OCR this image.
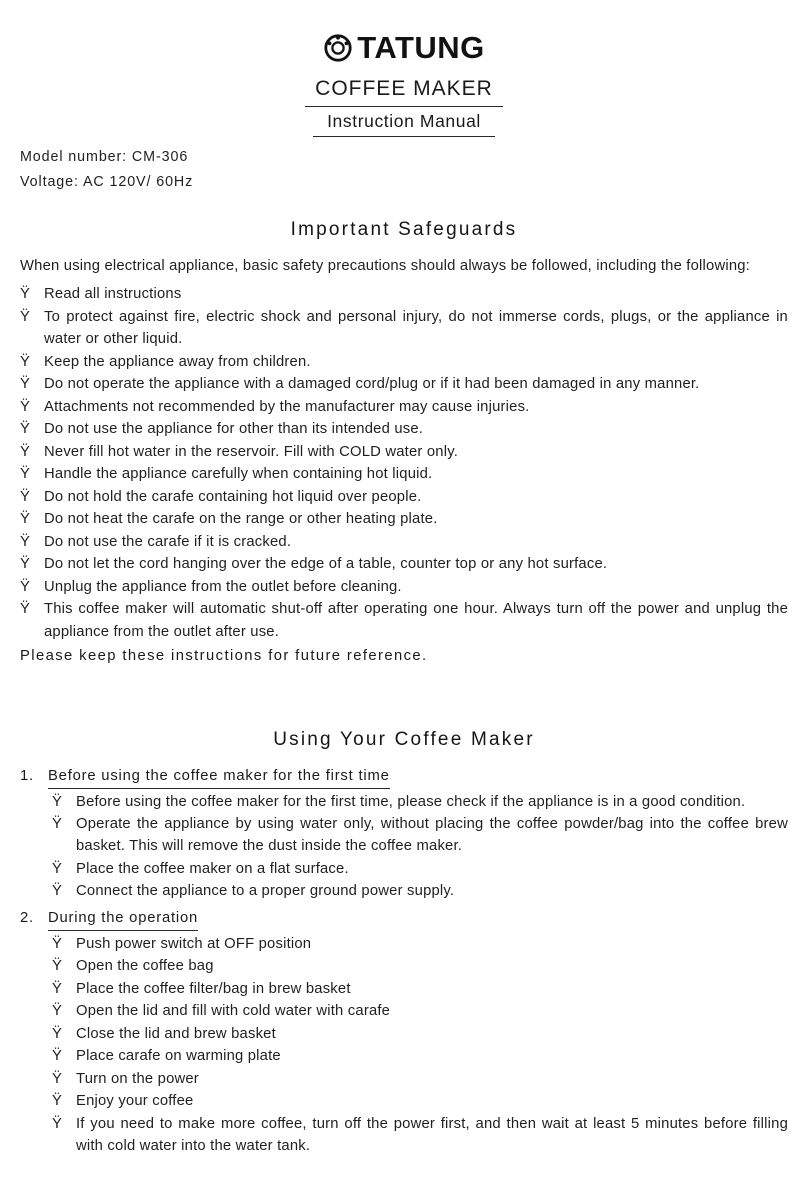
TATUNG
COFFEE MAKER
Instruction Manual
Model number: CM-306
Voltage: AC 120V/ 60Hz
Important Safeguards

When using electrical appliance, basic safety precautions should always be followed, including the following:

Ÿ Read all instructions
Ÿ To protect against fire, electric shock and personal injury, do not immerse cords, plugs, or the appliance in water or other liquid.
Ÿ Keep the appliance away from children.
Ÿ Do not operate the appliance with a damaged cord/plug or if it had been damaged in any manner.
Ÿ Attachments not recommended by the manufacturer may cause injuries.
Ÿ Do not use the appliance for other than its intended use.
Ÿ Never fill hot water in the reservoir. Fill with COLD water only.
Ÿ Handle the appliance carefully when containing hot liquid.
Ÿ Do not hold the carafe containing hot liquid over people.
Ÿ Do not heat the carafe on the range or other heating plate.
Ÿ Do not use the carafe if it is cracked.
Ÿ Do not let the cord hanging over the edge of a table, counter top or any hot surface.
Ÿ Unplug the appliance from the outlet before cleaning.
Ÿ This coffee maker will automatic shut-off after operating one hour. Always turn off the power and unplug the appliance from the outlet after use.
Please keep these instructions for future reference.
Using Your Coffee Maker
1. Before using the coffee maker for the first time
Ÿ Before using the coffee maker for the first time, please check if the appliance is in a good condition.
Ÿ Operate the appliance by using water only, without placing the coffee powder/bag into the coffee brew basket. This will remove the dust inside the coffee maker.
Ÿ Place the coffee maker on a flat surface.
Ÿ Connect the appliance to a proper ground power supply.
2. During the operation
Ÿ Push power switch at OFF position
Ÿ Open the coffee bag
Ÿ Place the coffee filter/bag in brew basket
Ÿ Open the lid and fill with cold water with carafe
Ÿ Close the lid and brew basket
Ÿ Place carafe on warming plate
Ÿ Turn on the power
Ÿ Enjoy your coffee
Ÿ If you need to make more coffee, turn off the power first, and then wait at least 5 minutes before filling with cold water into the water tank.
